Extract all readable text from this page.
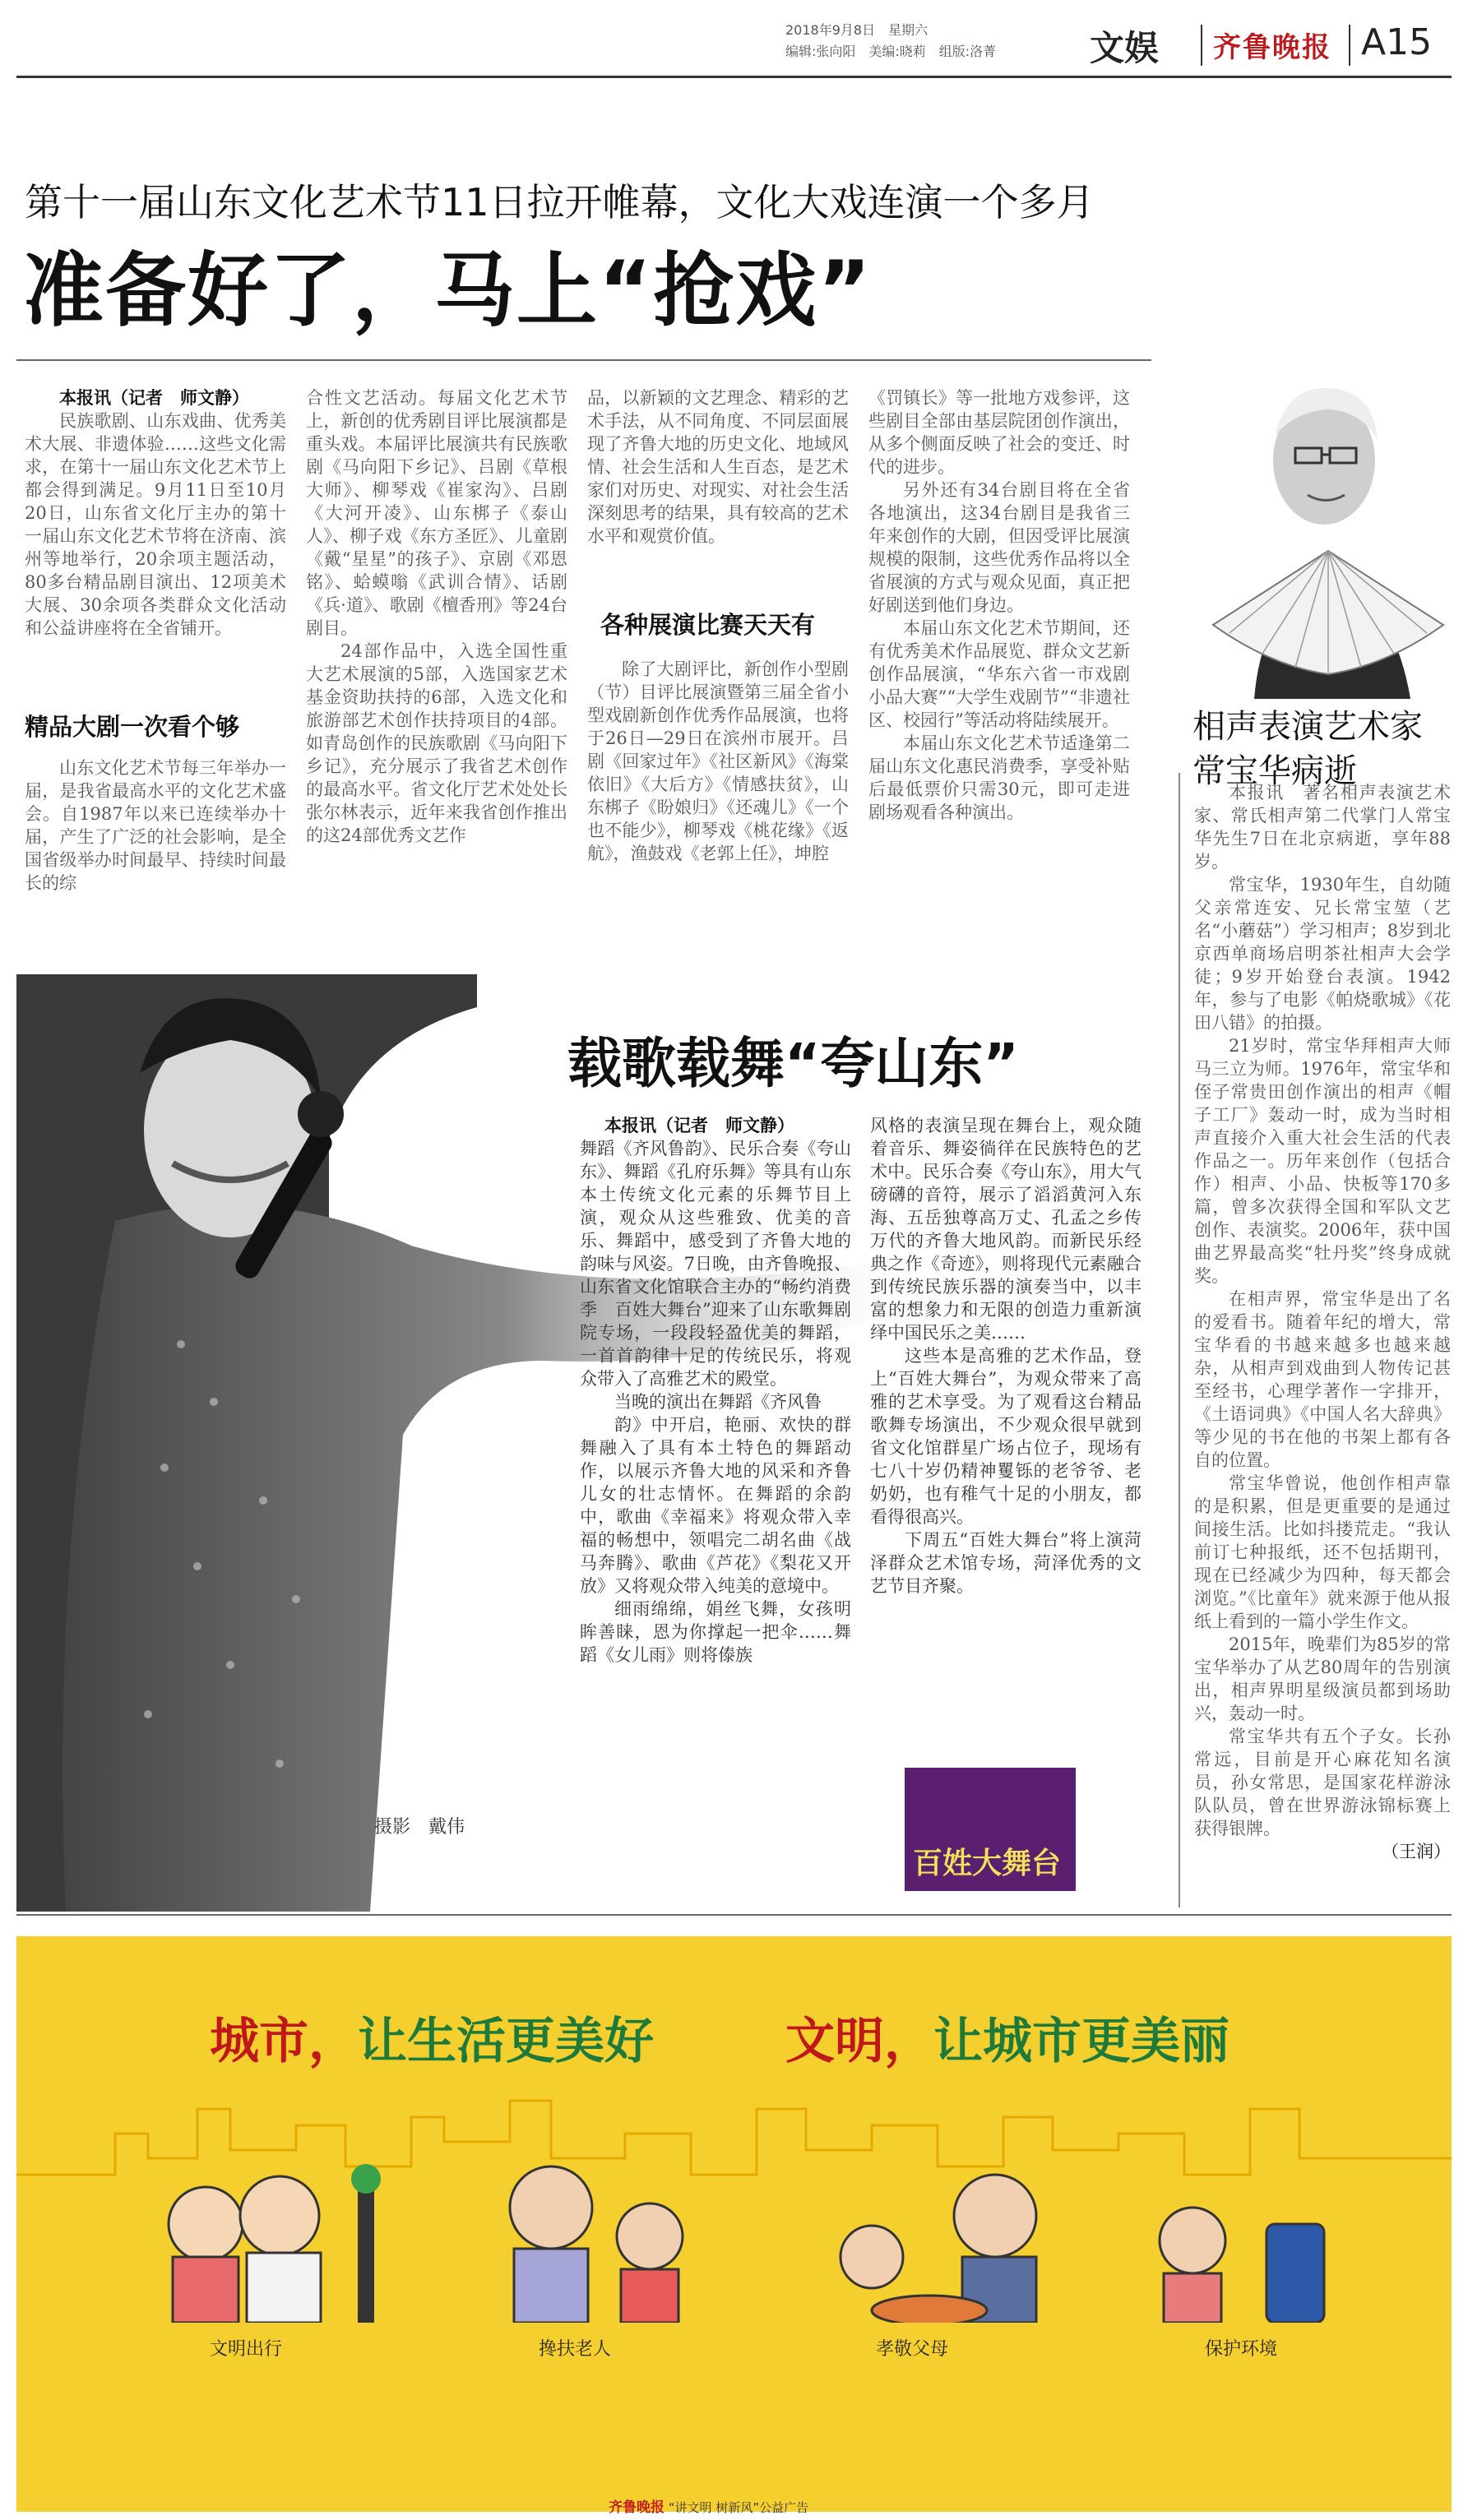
2018年9月8日　星期六
编辑:张向阳　美编:晓莉　组版:洛菁	文娱 齐鲁晚报 A15
第十一届山东文化艺术节11日拉开帷幕，文化大戏连演一个多月
准备好了，马上“抢戏”
本报讯（记者　师文静）

民族歌剧、山东戏曲、优秀美术大展、非遗体验……这些文化需求，在第十一届山东文化艺术节上都会得到满足。9月11日至10月20日，山东省文化厅主办的第十一届山东文化艺术节将在济南、滨州等地举行，20余项主题活动，80多台精品剧目演出、12项美术大展、30余项各类群众文化活动和公益讲座将在全省铺开。

精品大剧一次看个够

山东文化艺术节每三年举办一届，是我省最高水平的文化艺术盛会。自1987年以来已连续举办十届，产生了广泛的社会影响，是全国省级举办时间最早、持续时间最长的综

合性文艺活动。每届文化艺术节上，新创的优秀剧目评比展演都是重头戏。本届评比展演共有民族歌剧《马向阳下乡记》、吕剧《草根大师》、柳琴戏《崔家沟》、吕剧《大河开凌》、山东梆子《泰山人》、柳子戏《东方圣匠》、儿童剧《戴“星星”的孩子》、京剧《邓恩铭》、蛤蟆嗡《武训合情》、话剧《兵·道》、歌剧《檀香刑》等24台剧目。

24部作品中，入选全国性重大艺术展演的5部，入选国家艺术基金资助扶持的6部，入选文化和旅游部艺术创作扶持项目的4部。如青岛创作的民族歌剧《马向阳下乡记》，充分展示了我省艺术创作的最高水平。省文化厅艺术处处长张尔林表示，近年来我省创作推出的这24部优秀文艺作

品，以新颖的文艺理念、精彩的艺术手法，从不同角度、不同层面展现了齐鲁大地的历史文化、地域风情、社会生活和人生百态，是艺术家们对历史、对现实、对社会生活深刻思考的结果，具有较高的艺术水平和观赏价值。

各种展演比赛天天有

除了大剧评比，新创作小型剧（节）目评比展演暨第三届全省小型戏剧新创作优秀作品展演，也将于26日—29日在滨州市展开。吕剧《回家过年》《社区新风》《海棠依旧》《大后方》《情感扶贫》，山东梆子《盼娘归》《还魂儿》《一个也不能少》，柳琴戏《桃花缘》《返航》，渔鼓戏《老郭上任》，坤腔

《罚镇长》等一批地方戏参评，这些剧目全部由基层院团创作演出，从多个侧面反映了社会的变迁、时代的进步。

另外还有34台剧目将在全省各地演出，这34台剧目是我省三年来创作的大剧，但因受评比展演规模的限制，这些优秀作品将以全省展演的方式与观众见面，真正把好剧送到他们身边。

本届山东文化艺术节期间，还有优秀美术作品展览、群众文艺新创作品展演，“华东六省一市戏剧小品大赛”“大学生戏剧节”“非遗社区、校园行”等活动将陆续展开。

本届山东文化艺术节适逢第二届山东文化惠民消费季，享受补贴后最低票价只需30元，即可走进剧场观看各种演出。

相声表演艺术家
常宝华病逝

本报讯　著名相声表演艺术家、常氏相声第二代掌门人常宝华先生7日在北京病逝，享年88岁。

常宝华，1930年生，自幼随父亲常连安、兄长常宝堃（艺名“小蘑菇”）学习相声；8岁到北京西单商场启明茶社相声大会学徒；9岁开始登台表演。1942年，参与了电影《帕烧歌城》《花田八错》的拍摄。

21岁时，常宝华拜相声大师马三立为师。1976年，常宝华和侄子常贵田创作演出的相声《帽子工厂》轰动一时，成为当时相声直接介入重大社会生活的代表作品之一。历年来创作（包括合作）相声、小品、快板等170多篇，曾多次获得全国和军队文艺创作、表演奖。2006年，获中国曲艺界最高奖“牡丹奖”终身成就奖。

在相声界，常宝华是出了名的爱看书。随着年纪的增大，常宝华看的书越来越多也越来越杂，从相声到戏曲到人物传记甚至经书，心理学著作一字排开，《土语词典》《中国人名大辞典》等少见的书在他的书架上都有各自的位置。

常宝华曾说，他创作相声靠的是积累，但是更重要的是通过间接生活。比如抖搂荒走。“我认前订七种报纸，还不包括期刊，现在已经减少为四种，每天都会浏览。”《比童年》就来源于他从报纸上看到的一篇小学生作文。

2015年，晚辈们为85岁的常宝华举办了从艺80周年的告别演出，相声界明星级演员都到场助兴，轰动一时。

常宝华共有五个子女。长孙常远，目前是开心麻花知名演员，孙女常思，是国家花样游泳队队员，曾在世界游泳锦标赛上获得银牌。

（王润）
摄影　戴伟
载歌载舞“夸山东”
本报讯（记者　师文静）

舞蹈《齐风鲁韵》、民乐合奏《夸山东》、舞蹈《孔府乐舞》等具有山东本土传统文化元素的乐舞节目上演，观众从这些雅致、优美的音乐、舞蹈中，感受到了齐鲁大地的韵味与风姿。7日晚，由齐鲁晚报、山东省文化馆联合主办的“畅约消费季　百姓大舞台”迎来了山东歌舞剧院专场，一段段轻盈优美的舞蹈，一首首韵律十足的传统民乐，将观众带入了高雅艺术的殿堂。

当晚的演出在舞蹈《齐风鲁

韵》中开启，艳丽、欢快的群舞融入了具有本土特色的舞蹈动作，以展示齐鲁大地的风采和齐鲁儿女的壮志情怀。在舞蹈的余韵中，歌曲《幸福来》将观众带入幸福的畅想中，领唱完二胡名曲《战马奔腾》、歌曲《芦花》《梨花又开放》又将观众带入纯美的意境中。

细雨绵绵，娟丝飞舞，女孩明眸善睐，恩为你撑起一把伞……舞蹈《女儿雨》则将傣族

风格的表演呈现在舞台上，观众随着音乐、舞姿徜徉在民族特色的艺术中。民乐合奏《夸山东》，用大气磅礴的音符，展示了滔滔黄河入东海、五岳独尊高万丈、孔孟之乡传万代的齐鲁大地风韵。而新民乐经典之作《奇迹》，则将现代元素融合到传统民族乐器的演奏当中，以丰富的想象力和无限的创造力重新演绎中国民乐之美……

这些本是高雅的艺术作品，登上“百姓大舞台”，为观众带来了高雅的艺术享受。为了观看这台精品歌舞专场演出，不少观众很早就到省文化馆群星广场占位子，现场有七八十岁仍精神矍铄的老爷爷、老奶奶，也有稚气十足的小朋友，都看得很高兴。

下周五“百姓大舞台”将上演菏泽群众艺术馆专场，菏泽优秀的文艺节目齐聚。

百姓大舞台
城市，让生活更美好	文明，让城市更美丽
文明出行	搀扶老人	孝敬父母	保护环境
齐鲁晚报 “讲文明 树新风”公益广告
